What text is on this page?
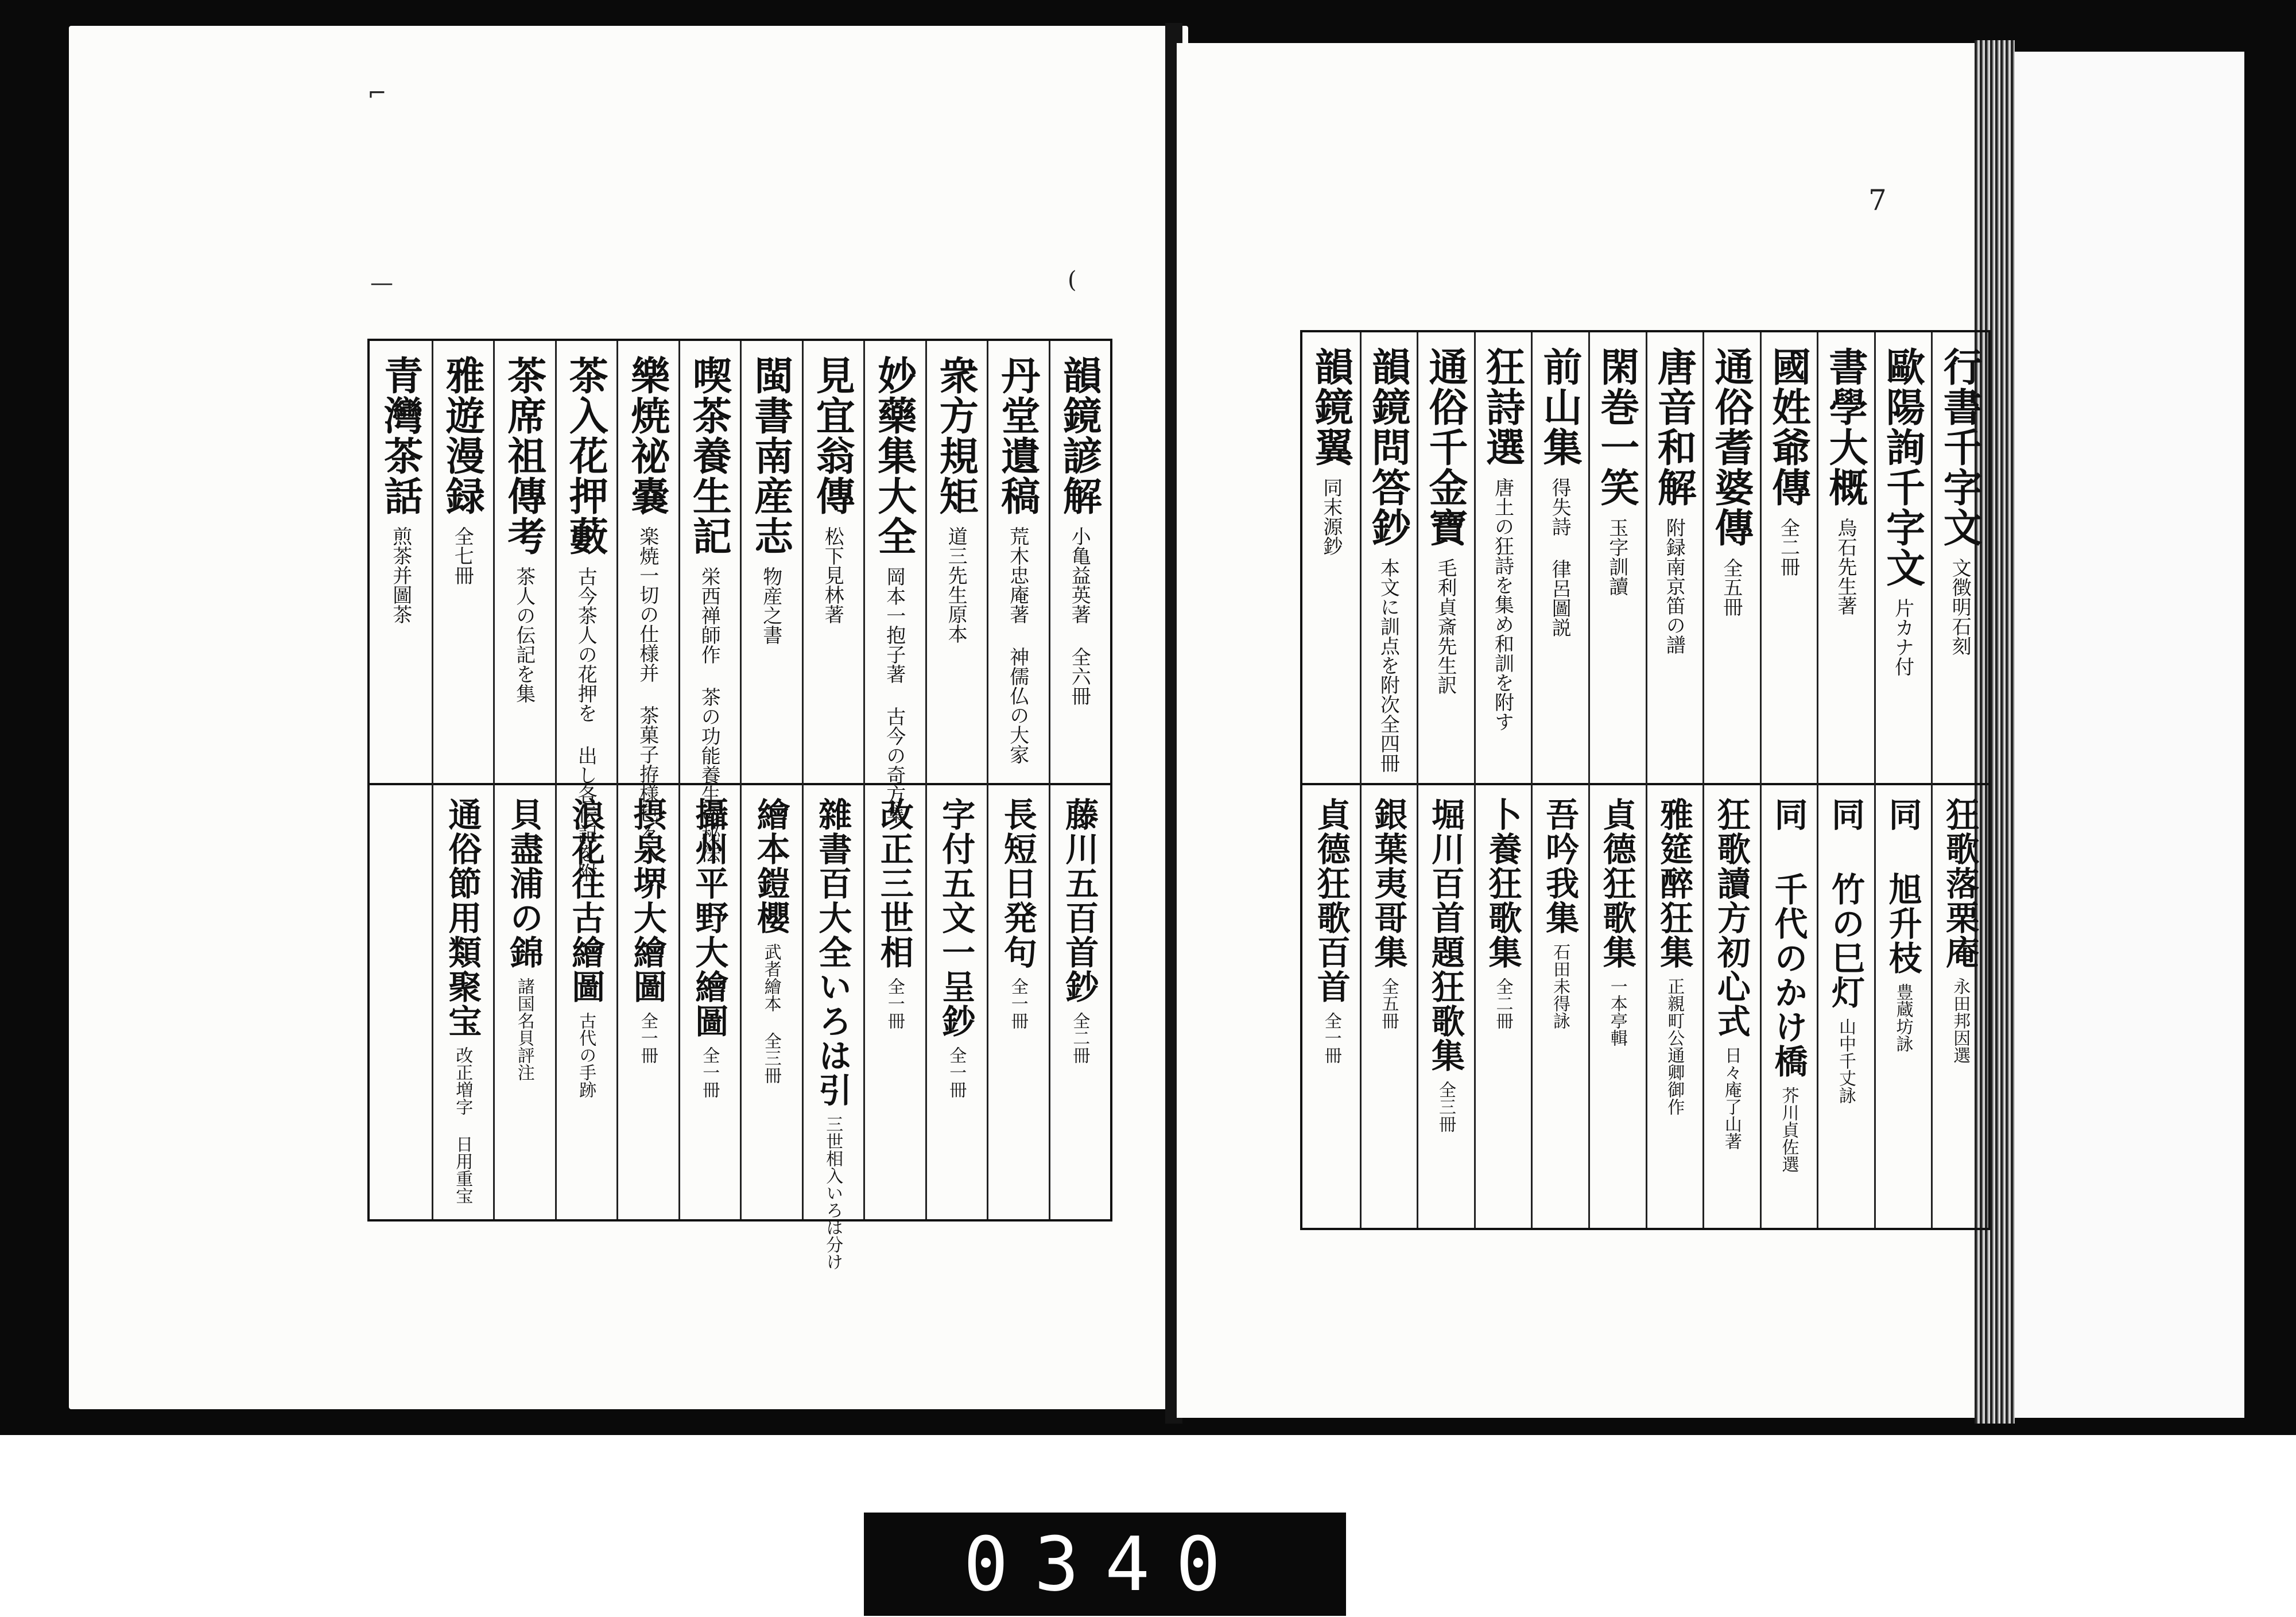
⌐
—	(
7
韻鏡諺解
小亀益英著 全六冊
丹堂遺稿
荒木忠庵著 神儒仏の大家
衆方規矩
道三先生原本
妙藥集大全
岡本一抱子著 古今の奇方集
見宜翁傳
松下見林著
閩書南産志
物産之書
喫茶養生記
栄西禅師作 茶の功能養生の秘法
樂焼祕嚢
楽焼一切の仕様并 茶菓子拵様色々入
茶入花押藪
古今茶人の花押を 出し各伝記を附
茶席祖傳考
茶人の伝記を集
雅遊漫録
全七冊
青灣茶話
煎茶并圖茶
藤川五百首鈔
全二冊
長短日発句
全一冊
字付五文一呈鈔
全一冊
改正三世相
全一冊
雜書百大全いろは引
三世相入いろは分け
繪本鎧櫻
武者繪本 全三冊
攝州平野大繪圖
全一冊
摂泉堺大繪圖
全一冊
浪花往古繪圖
古代の手跡
貝盡浦の錦
諸国名貝評注
通俗節用類聚宝
改正増字 日用重宝
行書千字文
文徴明石刻
歐陽詢千字文
片カナ付
書學大概
烏石先生著
國姓爺傳
全二冊
通俗耆婆傳
全五冊
唐音和解
附録南京笛の譜
閑巻一笑
玉字訓讀
前山集
得失詩 律呂圖説
狂詩選
唐土の狂詩を集め和訓を附す
通俗千金寶
毛利貞斎先生訳
韻鏡問答鈔
本文に訓点を附次全四冊
韻鏡翼
同末源鈔
狂歌落栗庵
永田邦因選
同 旭升枝
豊蔵坊詠
同 竹の巳灯
山中千丈詠
同 千代のかけ橋
芥川貞佐選
狂歌讀方初心式
日々庵了山著
雅筵醉狂集
正親町公通卿御作
貞德狂歌集
一本亭輯
吾吟我集
石田未得詠
卜養狂歌集
全二冊
堀川百首題狂歌集
全三冊
銀葉夷哥集
全五冊
貞德狂歌百首
全一冊
0340
